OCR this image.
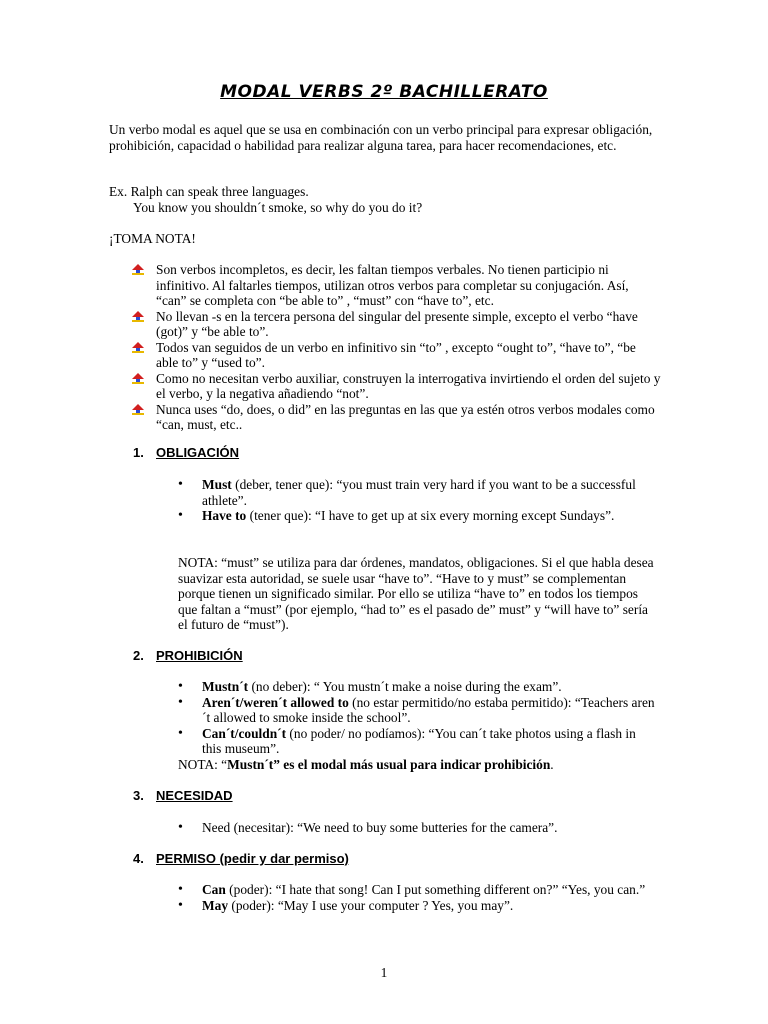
MODAL VERBS 2º BACHILLERATO
Un verbo modal es aquel que se usa en combinación con un verbo principal para expresar obligación, prohibición, capacidad o habilidad para realizar alguna tarea, para hacer recomendaciones, etc.
Ex. Ralph can speak three languages.
You know you shouldn´t smoke, so why do you do it?
¡TOMA NOTA!
Son verbos incompletos, es decir, les faltan tiempos verbales. No tienen participio ni infinitivo. Al faltarles tiempos, utilizan otros verbos para completar su conjugación. Así, “can” se completa con “be able to” , “must” con “have to”, etc.
No llevan -s en la tercera persona del singular del presente simple, excepto el verbo “have (got)” y “be able to”.
Todos van seguidos de un verbo en infinitivo sin “to” , excepto “ought to”, “have to”, “be able to” y “used to”.
Como no necesitan verbo auxiliar, construyen la interrogativa invirtiendo el orden del sujeto y el verbo, y la negativa añadiendo “not”.
Nunca uses “do, does, o did” en las preguntas en las que ya estén otros verbos modales como “can, must, etc..
1. OBLIGACIÓN
• Must (deber, tener que): “you must train very hard if you want to be a successful athlete”.
• Have to (tener que): “I have to get up at six every morning except Sundays”.
NOTA: “must” se utiliza para dar órdenes, mandatos, obligaciones. Si el que habla desea suavizar esta autoridad, se suele usar “have to”. “Have to y must” se complementan porque tienen un significado similar. Por ello se utiliza “have to” en todos los tiempos que faltan a “must” (por ejemplo, “had to” es el pasado de” must” y “will have to” sería el futuro de “must”).
2. PROHIBICIÓN
• Mustn´t (no deber): “ You mustn´t make a noise during the exam”.
• Aren´t/weren´t allowed to (no estar permitido/no estaba permitido): “Teachers aren´t allowed to smoke inside the school”.
• Can´t/couldn´t (no poder/ no podíamos): “You can´t take photos using a flash in this museum”.
NOTA: “Mustn´t” es el modal más usual para indicar prohibición.
3. NECESIDAD
• Need (necesitar): “We need to buy some butteries for the camera”.
4. PERMISO (pedir y dar permiso)
• Can (poder): “I hate that song! Can I put something different on?” “Yes, you can.”
• May (poder): “May I use your computer ? Yes, you may”.
1
